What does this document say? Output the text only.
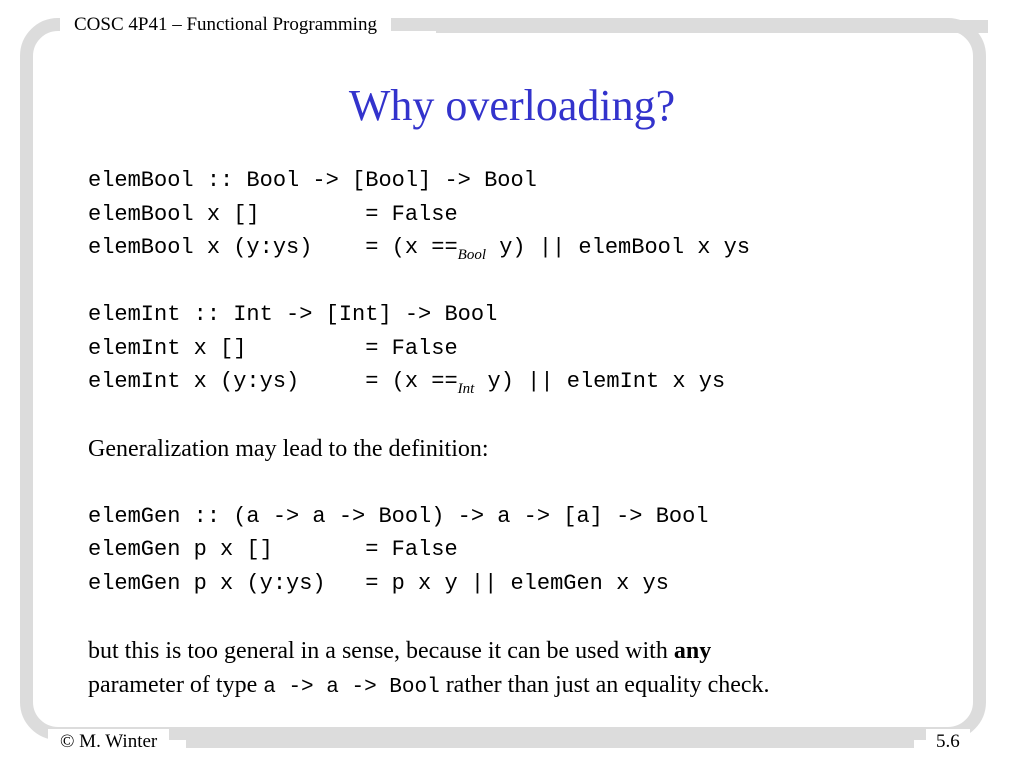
COSC 4P41 – Functional Programming
Why overloading?
elemBool :: Bool -> [Bool] -> Bool
elemBool x []        = False
elemBool x (y:ys)    = ($x ==_{Bool}$ y) || elemBool x ys
elemInt :: Int -> [Int] -> Bool
elemInt x []         = False
elemInt x (y:ys)     = ($x ==_{Int}$ y) || elemInt x ys

Generalization may lead to the definition:

elemGen :: (a -> a -> Bool) -> a -> [a] -> Bool
elemGen p x []       = False
elemGen p x (y:ys)   = p x y || elemGen x ys

but this is too general in a sense, because it can be used with any
parameter of type a -> a -> Bool rather than just an equality check.

© M. Winter	5.6
